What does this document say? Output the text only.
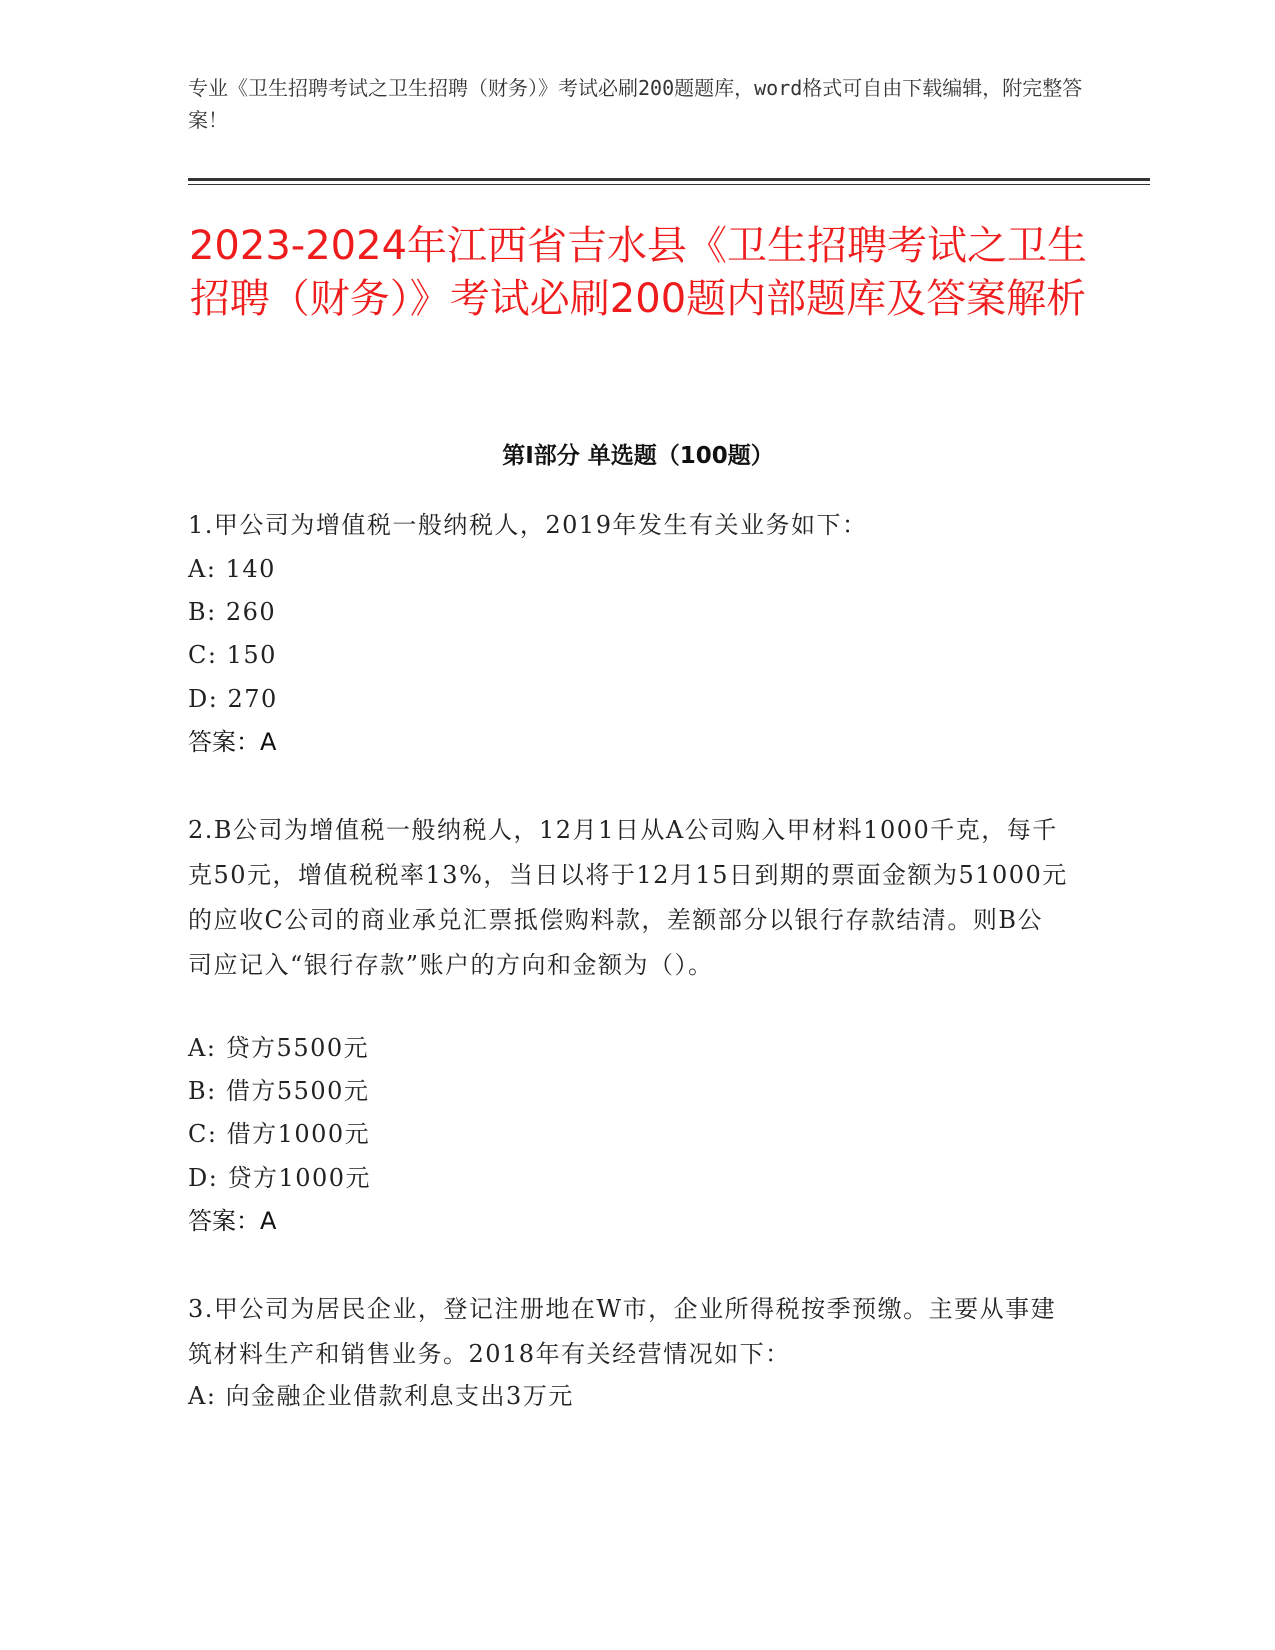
专业《卫生招聘考试之卫生招聘（财务）》考试必刷200题题库，word格式可自由下载编辑，附完整答案！
2023-2024年江西省吉水县《卫生招聘考试之卫生招聘（财务）》考试必刷200题内部题库及答案解析
第Ⅰ部分 单选题（100题）
1.甲公司为增值税一般纳税人，2019年发生有关业务如下：
A: 140
B: 260
C: 150
D: 270
答案：A
2.B公司为增值税一般纳税人，12月1日从A公司购入甲材料1000千克，每千克50元，增值税税率13%，当日以将于12月15日到期的票面金额为51000元的应收C公司的商业承兑汇票抵偿购料款，差额部分以银行存款结清。则B公司应记入“银行存款”账户的方向和金额为（）。
A: 贷方5500元
B: 借方5500元
C: 借方1000元
D: 贷方1000元
答案：A
3.甲公司为居民企业，登记注册地在W市，企业所得税按季预缴。主要从事建筑材料生产和销售业务。2018年有关经营情况如下：
A: 向金融企业借款利息支出3万元
